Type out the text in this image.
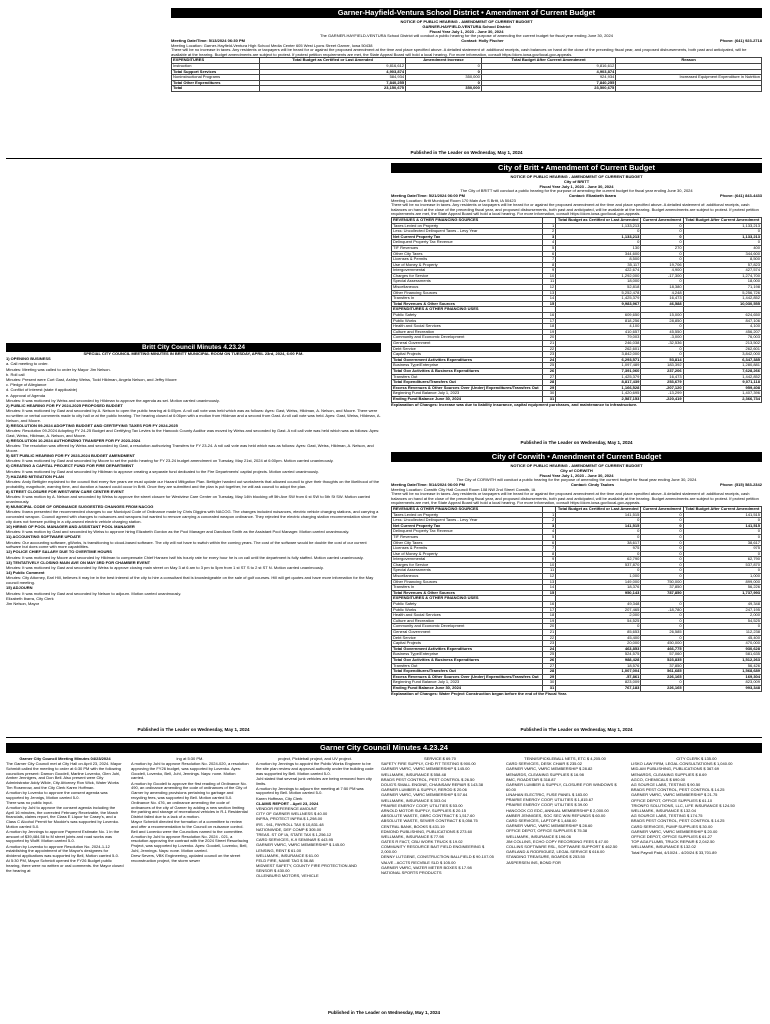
Garner-Hayfield-Ventura School District • Amendment of Current Budget
NOTICE OF PUBLIC HEARING - AMENDMENT OF CURRENT BUDGET
GARNER-HAYFIELD-VENTURA School District
Fiscal Year July 1, 2023 - June 30, 2024

The GARNER-HAYFIELD-VENTURA School District will conduct a public hearing for the purpose of amending the current budget for fiscal year ending June 30, 2024

Meeting Date/Time: 5/13/2024 06:30 PM	Contact: Holly Fischer	Phone: (641) 923-2718

Meeting Location: Garner-Hayfield-Ventura High School Media Center 605 West Lyons Street Garner, Iowa 50438

There will be no increase in taxes. Any residents or taxpayers will be heard for or against the proposed amendment at the time and place specified above. A detailed statement of: additional receipts, cash balances on hand at the close of the preceding fiscal year, and proposed disbursements, both past and anticipated, will be available at the hearing. Budget amendments are subject to protest. If protest petition requirements are met, the State Appeal Board will hold a local hearing. For more information, consult https://dom.iowa.gov/local-gov-appeals.

EXPENDITURES	Total Budget as Certified or Last Amended	Amendment Increase	Total Budget After Current Amendment	Reason
Instruction	9,816,612	0	9,816,612	
Total Support Services	4,903,874	0	4,903,874	
Noninstructional Programs	584,934	350,000	924,934	Increased Equipment Expenditure in Nutrition
Total Other Expenditures	7,840,255	0	7,840,255	
Total	23,150,675	350,000	23,500,675	
Published in The Leader on Wednesday, May 1, 2024
City of Britt • Amendment of Current Budget
NOTICE OF PUBLIC HEARING - AMENDMENT OF CURRENT BUDGET
City of BRITT
Fiscal Year July 1, 2023 - June 30, 2024

The City of BRITT will conduct a public hearing for the purpose of amending the current budget for fiscal year ending June 30, 2024

Meeting Date/Time: 5/21/2024 06:00 PM	Contact: Elizabeth Ibarra	Phone: (641) 843-4433

Meeting Location: Britt Municipal Room 170 Main Ave S Britt, IA 50423

There will be no increase in taxes. Any residents or taxpayers will be heard for or against the proposed amendment at the time and place specified above. A detailed statement of: additional receipts, cash balances on hand at the close of the preceding fiscal year, and proposed disbursements, both past and anticipated, will be available at the hearing. Budget amendments are subject to protest. If protest petition requirements are met, the State Appeal Board will hold a local hearing. For more information, consult https://dom.iowa.gov/local-gov-appeals.

REVENUES & OTHER FINANCING SOURCES		Total Budget as Certified or Last Amended	Current Amendment	Total Budget After Current Amendment
Taxes Levied on Property	1	1,133,213	0	1,133,213
Less: Uncollected Delinquent Taxes - Levy Year	2	0	0	0
Net Current Property Tax	3	1,133,213	0	1,133,213
Delinquent Property Tax Revenue	4	0	0	0
TIF Revenues	5	130	270	400
Other City Taxes	6	344,600	0	344,600
Licenses & Permits	7	8,500	0	8,500
Use of Money & Property	8	35,117	19,706	57,823
Intergovernmental	9	422,674	4,900	427,574
Charges for Service	10	1,292,000	-17,300	1,274,700
Special Assessments	11	18,000	0	18,000
Miscellaneous	12	52,818	18,380	71,198
Other Financing Sources	13	5,252,478	4,248	5,256,726
Transfers In	14	1,425,379	16,473	1,442,852
Total Revenues & Other Sources	15	9,983,967	46,588	10,030,555
EXPENDITURES & OTHER FINANCING USES				
Public Safety	16	609,650	15,000	624,650
Public Works	17	818,256	28,850	847,106
Health and Social Services	18	4,100	0	4,100
Culture and Recreation	19	410,657	45,550	456,207
Community and Economic Development	20	79,003	-3,000	76,003
General Government	21	246,038	-32,536	213,502
Debt Service	22	262,601	0	262,601
Capital Projects	23	3,842,000	0	3,842,000
Total Government Activities Expenditures	24	6,293,571	53,814	6,347,385
Business Type/Enterprise	25	1,097,489	183,392	1,280,881
Total Gov Activities & Business Expenditures	26	7,391,060	237,206	7,628,266
Transfers Out	27	1,425,379	16,473	1,442,852
Total Expenditures/Transfers Out	28	8,817,439	253,679	9,071,118
Excess Revenues & Other Sources Over (Under) Expenditures/Transfers Out	29	1,166,528	-207,120	959,408
Beginning Fund Balance July 1, 2023	30	1,420,695	-13,299	1,407,396
Ending Fund Balance June 30, 2024	31	2,587,153	-220,419	2,366,734

Explanation of Changes: Increase was due to liability insurance, capital equipment purchases, and maintenance to infrastructure.

Published in The Leader on Wednesday, May 1, 2024
Britt City Council Minutes 4.23.24

SPECIAL CITY COUNCIL MEETING MINUTES IN BRITT MUNICIPAL ROOM ON TUESDAY, APRIL 23rd, 2024, 6:00 P.M.

1) OPENING BUSINESS

a. Call meeting to order.

Minutes: Meeting was called to order by Mayor Jim Nelson.

b. Roll call

Minutes: Present were Curt Gast, Ashley Weiss, Todd Hildman, Angela Nelson, and Jeffry Moore

c. Pledge of Allegiance

d. Conflict of interest (state if applicable)

e. Approval of Agenda

Minutes: It was motioned by Weiss and seconded by Hildman to approve the agenda as set. Motion carried unanimously.

2) PUBLIC HEARING FOR FY 2024-2025 PROPOSED BUDGET

Minutes: It was motioned by Gast and seconded by A. Nelson to open the public hearing at 6:05pm. A roll call vote was held which was as follows: Ayes: Gast, Weiss, Hildman, A. Nelson, and Moore. There were no written or verbal comments made to city hall or at the public hearing. The hearing closed at 6:06pm with a motion from Hildman and a second from Gast. A roll call vote was held. Ayes: Gast, Weiss, Hildman, A. Nelson, and Moore.

3) RESOLUTION 09-2024 ADOPTING BUDGET AND CERTIFYING TAXES FOR FY 2024-2025

Minutes: Resolution 09-2024 Adopting FY 24-25 Budget and Certifying Tax Levies to the Hancock County Auditor was moved by Weiss and seconded by Gast. A roll call vote was held which was as follows: Ayes: Gast, Weiss, Hildman, A. Nelson, and Moore.

4) RESOLUTION 10-2024 AUTHORIZING TRANSFER FOR FY 2023-2024

Minutes: The resolution was offered by Weiss and seconded by Gast, a resolution authorizing Transfers for FY 23-24. A roll call vote was held which was as follows: Ayes: Gast, Weiss, Hildman, A. Nelson, and Moore.

5) SET PUBLIC HEARING FOR FY 2023-2024 BUDGET AMENDMENT

Minutes: It was motioned by Gast and seconded by Moore to set the public hearing for FY 23-24 budget amendment on Tuesday, May 21st, 2024 at 6:00pm. Motion carried unanimously.

6) CREATING A CAPITAL PROJECT FUND FOR FIRE DEPARTMENT

Minutes: It was motioned by Gast and seconded by Hildman to approve creating a separate fund dedicated to the Fire Departments' capital projects. Motion carried unanimously.

7) HAZARD MITIGATION PLAN

Minutes: Andy Bettigler explained to the council that every five years we must update our Hazard Mitigation Plan. Bettigler handed out worksheets that allowed council to give their thoughts on the likelihood of the probability, magnitude, warning time, and duration a hazard could occur in Britt. Once they are submitted and the plan is put together, he will ask council to adopt the plan.

8) STREET CLOSURE FOR WESTVIEW CARE CENTER EVENT

Minutes: It was motion by A. Nelson and seconded by Weiss to approve the street closure for Westview Care Center on Tuesday, May 14th blocking off 5th Ave SW from 6 st SW to 5th St SW. Motion carried unanimously.

9) MUNICIPAL CODE OF ORDINANCE SUGGESTED CHANGES FROM NACOG

Minutes: Ibarra presented the recommended changes to our Municipal Code of Ordinance made by Chris Diggins with NACOG. The changes included nuisances, electric vehicle charging stations, and carrying a concealed weapon. Council agreed with changes to nuisances and weapons but wanted to remove carrying a concealed weapon ordinance. They rejected the electric charging station recommendation since the city does not foresee putting in a city-owned electric vehicle charging station.

10) HIRING OF POOL MANAGER AND ASSISTANT POOL MANAGER

Minutes: It was motion by Gast and seconded by Weiss to approve hiring Elizabeth Gordon as the Pool Manager and Dandizan Smith as the Assistant Pool Manager. Motion carried unanimously.

11) ACCOUNTING SOFTWARE UPDATE

Minutes: Our accounting software, gWorks, is transitioning to cloud-based software. The city will not have to switch within the coming years. The cost of the software would be double the cost of our current software but does come with more capabilities.

12) POLICE CHIEF SALARY DUE TO OVERTIME HOURS

Minutes: It was motioned by Moore and seconded by Hildman to compensate Chief Hansen half his hourly rate for every hour he is on call until the department is fully staffed. Motion carried unanimously.

13) TENTATIVELY CLOSING MAIN AVE ON MAY 3RD FOR CHAMBER EVENT

Minutes: It was motioned by Gast and seconded by Weiss to approve closing main street on May 3 at 6 am to 3 pm to 5pm from 1 st ST S to 2 st ST N. Motion carried unanimously.

14) Public Comment

Minutes: City Attorney, Earl Hill, believes it may be in the best interest of the city to hire a consultant that is knowledgeable on the sale of golf courses. Hill will get quotes and have more information for the May council meeting.

15) ADJOURN

Minutes: It was motioned by Gast and seconded by Nelson to adjourn. Motion carried unanimously.

Elizabeth Ibarra, City Clerk

Jim Nelson, Mayor

Published in The Leader on Wednesday, May 1, 2024
City of Corwith • Amendment of Current Budget
NOTICE OF PUBLIC HEARING - AMENDMENT OF CURRENT BUDGET
City of CORWITH
Fiscal Year July 1, 2023 - June 30, 2024

The City of CORWITH will conduct a public hearing for the purpose of amending the current budget for fiscal year ending June 30, 2024

Meeting Date/Time: 5/14/2024 06:00 PM	Contact: Cindy Taubes	Phone: (515) 583-2342

Meeting Location: Corwith City Hall Council Room 108 NW 2nd Street Corwith, IA

There will be no increase in taxes. Any residents or taxpayers will be heard for or against the proposed amendment at the time and place specified above. A detailed statement of: additional receipts, cash balances on hand at the close of the preceding fiscal year, and proposed disbursements, both past and anticipated, will be available at the hearing. Budget amendments are subject to protest. If protest petition requirements are met, the State Appeal Board will hold a local hearing. For more information, consult https://dom.iowa.gov/local-gov-appeals.

REVENUES & OTHER FINANCING SOURCES		Total Budget as Certified or Last Amended	Current Amendment	Total Budget After Current Amendment
Taxes Levied on Property	1	141,515	0	141,515
Less: Uncollected Delinquent Taxes - Levy Year	2	0	0	0
Net Current Property Tax	3	141,515	0	141,515
Delinquent Property Tax Revenue	4	0	0	0
TIF Revenues	5	0	0	0
Other City Taxes	6	38,617	0	38,617
Licenses & Permits	7	975	0	975
Use of Money & Property	8	0	0	0
Intergovernmental	9	62,790	0	62,790
Charges for Service	10	537,870	0	537,870
Special Assessments	11	0	0	0
Miscellaneous	12	1,000	0	1,000
Other Financing Sources	13	149,000	750,000	899,000
Transfers In	14	18,376	37,850	56,226
Total Revenues & Other Sources	15	950,143	787,850	1,737,993
EXPENDITURES & OTHER FINANCING USES				
Public Safety	16	49,348	0	49,348
Public Works	17	207,465	-18,780	247,195
Health and Social Services	18	2,000	0	2,000
Culture and Recreation	19	54,525	0	54,525
Community and Economic Development	20	0	0	0
General Government	21	85,653	26,585	112,238
Debt Service	22	45,400	0	45,400
Capital Projects	23	20,000	450,000	470,000
Total Government Activities Expenditures	24	463,853	466,775	930,628
Business Type/Enterprise	25	524,575	57,060	581,635
Total Gov Activities & Business Expenditures	26	988,428	523,835	1,512,263
Transfers Out	27	18,576	37,850	56,426
Total Expenditures/Transfers Out	28	1,007,004	561,685	1,568,689
Excess Revenues & Other Sources Over (Under) Expenditures/Transfers Out	29	-57,861	226,165	169,304
Beginning Fund Balance July 1, 2023	30	823,009	0	823,009
Ending Fund Balance June 30, 2024	31	767,183	226,165	993,348

Explanation of Changes: Water Project Construction began before the end of the Fiscal Year.

Published in The Leader on Wednesday, May 1, 2024
Garner City Council Minutes 4.23.24

Garner City Council Meeting Minutes 04/23/2024

The Garner City Council met at City Hall on April 23, 2024. Mayor Schmidt called the meeting to order at 6:30 PM with the following councilors present: Damon Goodell, Marline Lovenko, Glen Juhl, Amber Jennigers, and Don Bell. Also present were City Administrator Addy Wilde, City Attorney Ron Wick, Water Works Tim Rosenrow, and the City Clerk Karen Hoffman.

A motion by Lovenko to approve the consent agenda was supported by Jennigs, Motion carried 5-0.

There was no public input.

A motion by Juhl to approve the consent agenda including the April 16 minutes, the corrected February Receivable, the March financials, claims report, the Class E Liquor for Casey's, and a Class C Alcohol Permit for Mookie's was supported by Lovenko. Motion carried 5-0.

A motion by Jennings to approve Payment Estimate No. 1 in the amount of $39,484.58 to M street joints and road works was supported by Wolff. Motion carried 5-0.

A motion by Lovenko to approve Resolution No. 2024-1-12 establishing the appointment of the Mayor's designees for dividend applications was supported by Bell, Motion carried 5-0.

At 5:30 PM, Mayor Schmidt opened the FY26 Budget public hearing, there were no written or oral comments. the Mayor closed the hearing at

ing at 5:30 PM.

A motion by Juhl to approve Resolution No. 2024-020, a resolution approving the FY26 budget, was supported by Lovenko. Ayes: Goodell, Lovenko, Bell, Juhl, Jennings. Nays: none. Motion carried.

A motion by Goodell to approve the first reading of Ordinance No. 490, an ordinance amending the code of ordinances of the City of Garner by amending provisions pertaining to garbage and recycling fees, was supported by Bell. Motion carried 5-0.

Ordinance No. 476, an ordinance amending the code of ordinances of the city of Garner by adding a new section limiting the parking and storage of recreational vehicles in R-1 Residential District failed due to a lack of a motion.

Mayor Schmidt directed the formation of a committee to review and offer a recommendation to the Council on nuisance control. Bell and Lovenko were the Councilors named to the committee.

A motion by Juhl to approve Resolution No. 2024 - 021, a resolution approving the contract with the 2024 Street Resurfacing Project, was supported by Lovenko. Ayes: Goodell, Lovenko, Bell, Juhl, Jennings. Nays: none. Motion carried.

Drew Severs, VBK Engineering, updated council on the street reconstruction project, the storm sewer

project, Pickleball project, and UV project.

A motion by Jennings to appoint the Public Works Engineer to be the site plan review and approval authority under the building code was supported by Bell. Motion carried 5-0.

Juhl stated that several junk vehicles are being removed from city limits.

A motion by Jennings to adjourn the meeting at 7:50 PM was supported by Bell. Motion carried 5-0.

Karen Hoffman, City Clerk

CLAIMS REPORT - April 23, 2024

VENDOR REFERENCE AMOUNT

CITY OF GARNER WELLNESS $ 40.00

INFRA, PROTECT INFRA $ 1,298.00

IRS - 941, PAYROLL TAX $ 10,831.48

NATIONWIDE, DEF COMP $ 305.00

TREAS. ST OF IA, STATE TAX $ 1,256.12

CARD SERVICES, K-9 SEMINAR $ 443.95

GARNER VMRC, VMRC MEMBERSHIP $ 145.00

LENSING, RENT $ 61.00

WELLMARK, INSURANCE $ 61.00

FELD FIRE, NAME TAG $ 56.88

MIDWEST SAFETY, COUNTY FIRE PROTECTION AND SENSOR $ 430.00

OLLENBURG MOTORS, VEHICLE

SERVICE $ 69.70

SAFETY FIRE SUPPLY, CHD FIT TESTING $ 900.00

GARNER VMRC, VMRC MEMBERSHIP $ 145.00

WELLMARK, INSURANCE $ 558.48

BRADS PEST CONTROL, PEST CONTROL $ 26.50

DOUG'S SMALL ENGINE, CHAINSAW REPAIR $ 143.38

GARNER LUMBER & SUPPLY, REROD $ 20.06

GARNER VMRC, VMRC MEMBERSHIP $ 57.64

WELLMARK, INSURANCE $ 303.04

PRAIRIE ENERGY COOP, UTILITIES $ 53.00

ARNOLD MOTOR SUPPLY, SUPPLIES $ 20.15

ABSOLUTE WASTE, GBRC CONTRACT $ 1,517.60

ABSOLUTE WASTE, SEWER CONTRACT $ 5,058.75

CENTRAL BANK, BOOKS $ 431.19

EDMOND PUBLISHING, PUBLICATIONS $ 273.60

WELLMARK, INSURANCE $ 77.98

GATES R FACT, CBU WORK TRUCK $ 19.02

COMMUNITY RESOURCE BAIT FIELD ENGINEERING $ 2,000.00

DENNY LUTGENE, CONSTRUCTION BALLFIELD $ 90.107.05

VALVE - ACCTS RECVBLE SLD $ 105.00

GARNER VMRC, WATER METER BOXES $ 17.98

NATIONAL SPORTS PRODUCTS

TENNIS/PICKLEBALL NETS, ETC $ 4,205.00

CARD SERVICES, DESK CHAIR $ 235.02

GARNER VMRC, VMRC MEMBERSHIP $ 28.82

MENARDS, CLEANING SUPPLIES $ 16.98

BMC, ROADSTAR $ 318.87

GARNER LUMBER & SUPPLY, CLOSURE FOR WINDOWS $ 60.00

LINAHAN ELECTRIC, FUSE PANEL $ 183.00

PRAIRIE ENERGY COOP, UTILITIES $ 1,815.67

PRAIRIE ENERGY COOP, UTILITIES $ 39.00

HANCOCK CO EDC, ANNUAL MEMBERSHIP $ 2,000.00

AMBER JENNIGES, SOC SEC WIN REFUNDS $ 60.00

CARD SERVICES, LAPTOP $ 1,488.00

GARNER VMRC, VMRC MEMBERSHIP $ 28.60

OFFICE DEPOT, OFFICE SUPPLIES $ 75.38

WELLMARK, INSURANCE $ 196.06

JIM COLLINS, ECHO COPY RECORDING FEES $ 47.00

COLLINS SOFTWARE RSL, SOFTWARE SUPPORT $ 462.50

GARLAND & RODRIGUEZ, LEGAL SERVICE $ 616.00

STANDING TREASURE, BOARDS $ 253.50

JASPERSEN INS, BOND FOR

CITY CLERK $ 135.00

LISKO LAW FIRM, LEGAL CONSULTATIONS $ 1,040.00

MID-AM PUBLISHING, PUBLICATIONS $ 367.69

MENARDS, CLEANING SUPPLIES $ 8.69

AGCO, CHEMICALS $ 690.00

AG SOURCE LABS, TESTING $ 90.50

BRADS PEST CONTROL, PEST CONTROL $ 14.25

GARNER VMRC, VMRC MEMBERSHIP $ 21.75

OFFICE DEPOT, OFFICE SUPPLIES $ 61.10

TRIONFO SOLUTIONS, LLC, LIFE INSURANCE $ 124.50

WELLMARK, INSURANCE $ 132.04

AG SOURCE LABS, TESTING $ 174.75

BRADS PEST CONTROL, PEST CONTROL $ 14.25

CARD SERVICES, PUMP SUPPLIES $ 30.00

GARNER VMRC, VMRC MEMBERSHIP $ 20.00

OFFICE DEPOT, OFFICE SUPPLIES $ 61.27

TOP AGA FLUMB, TRUCK REPAIR $ 2,042.50

WELLMARK, INSURANCE $ 132.02

Total Payroll Paid, 4/10/24 - 4/20/24 $ 33,701.89

Published in The Leader on Wednesday, May 1, 2024
